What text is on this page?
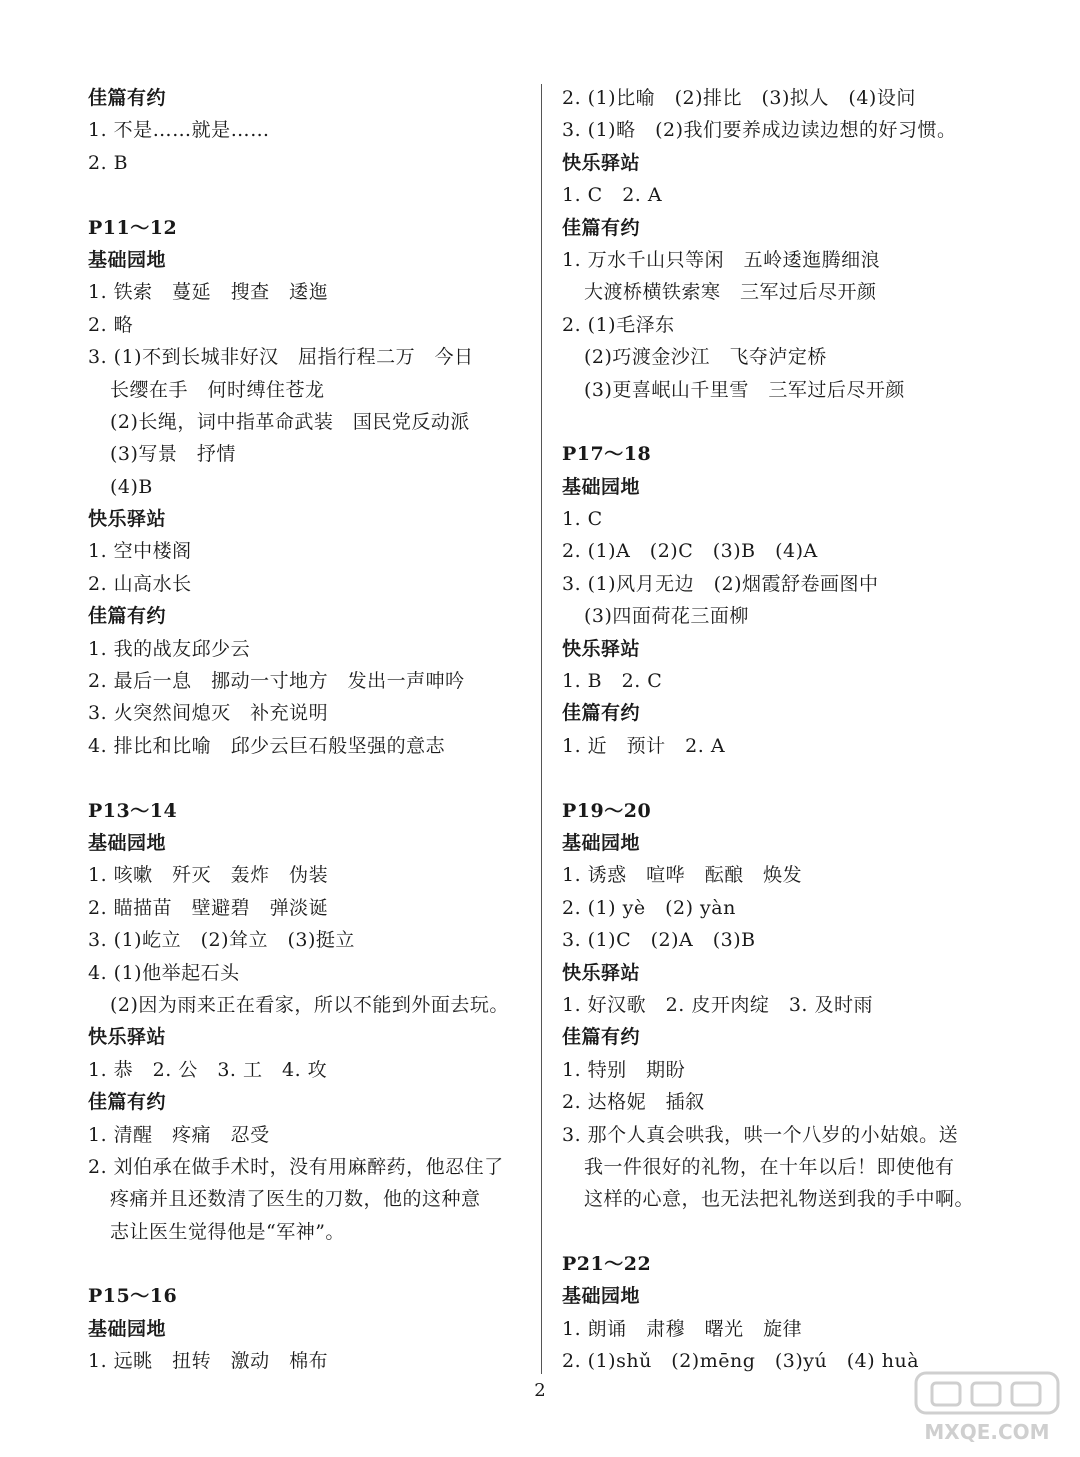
佳篇有约
1. 不是……就是……
2. B
P11～12
基础园地
1. 铁索　蔓延　搜查　逶迤
2. 略
3. (1)不到长城非好汉　屈指行程二万　今日
长缨在手　何时缚住苍龙
(2)长绳，词中指革命武装　国民党反动派
(3)写景　抒情
(4)B
快乐驿站
1. 空中楼阁
2. 山高水长
佳篇有约
1. 我的战友邱少云
2. 最后一息　挪动一寸地方　发出一声呻吟
3. 火突然间熄灭　补充说明
4. 排比和比喻　邱少云巨石般坚强的意志
P13～14
基础园地
1. 咳嗽　歼灭　轰炸　伪装
2. 瞄描苗　壁避碧　弹淡诞
3. (1)屹立　(2)耸立　(3)挺立
4. (1)他举起石头
(2)因为雨来正在看家，所以不能到外面去玩。
快乐驿站
1. 恭　2. 公　3. 工　4. 攻
佳篇有约
1. 清醒　疼痛　忍受
2. 刘伯承在做手术时，没有用麻醉药，他忍住了
疼痛并且还数清了医生的刀数，他的这种意
志让医生觉得他是“军神”。
P15～16
基础园地
1. 远眺　扭转　激动　棉布
2. (1)比喻　(2)排比　(3)拟人　(4)设问
3. (1)略　(2)我们要养成边读边想的好习惯。
快乐驿站
1. C　2. A
佳篇有约
1. 万水千山只等闲　五岭逶迤腾细浪
大渡桥横铁索寒　三军过后尽开颜
2. (1)毛泽东
(2)巧渡金沙江　飞夺泸定桥
(3)更喜岷山千里雪　三军过后尽开颜
P17～18
基础园地
1. C
2. (1)A　(2)C　(3)B　(4)A
3. (1)风月无边　(2)烟霞舒卷画图中
(3)四面荷花三面柳
快乐驿站
1. B　2. C
佳篇有约
1. 近　预计　2. A
P19～20
基础园地
1. 诱惑　喧哗　酝酿　焕发
2. (1) yè　(2) yàn
3. (1)C　(2)A　(3)B
快乐驿站
1. 好汉歌　2. 皮开肉绽　3. 及时雨
佳篇有约
1. 特别　期盼
2. 达格妮　插叙
3. 那个人真会哄我，哄一个八岁的小姑娘。送
我一件很好的礼物，在十年以后！即使他有
这样的心意，也无法把礼物送到我的手中啊。
P21～22
基础园地
1. 朗诵　肃穆　曙光　旋律
2. (1)shǔ　(2)mēng　(3)yú　(4) huà
2
MXQE.COM
